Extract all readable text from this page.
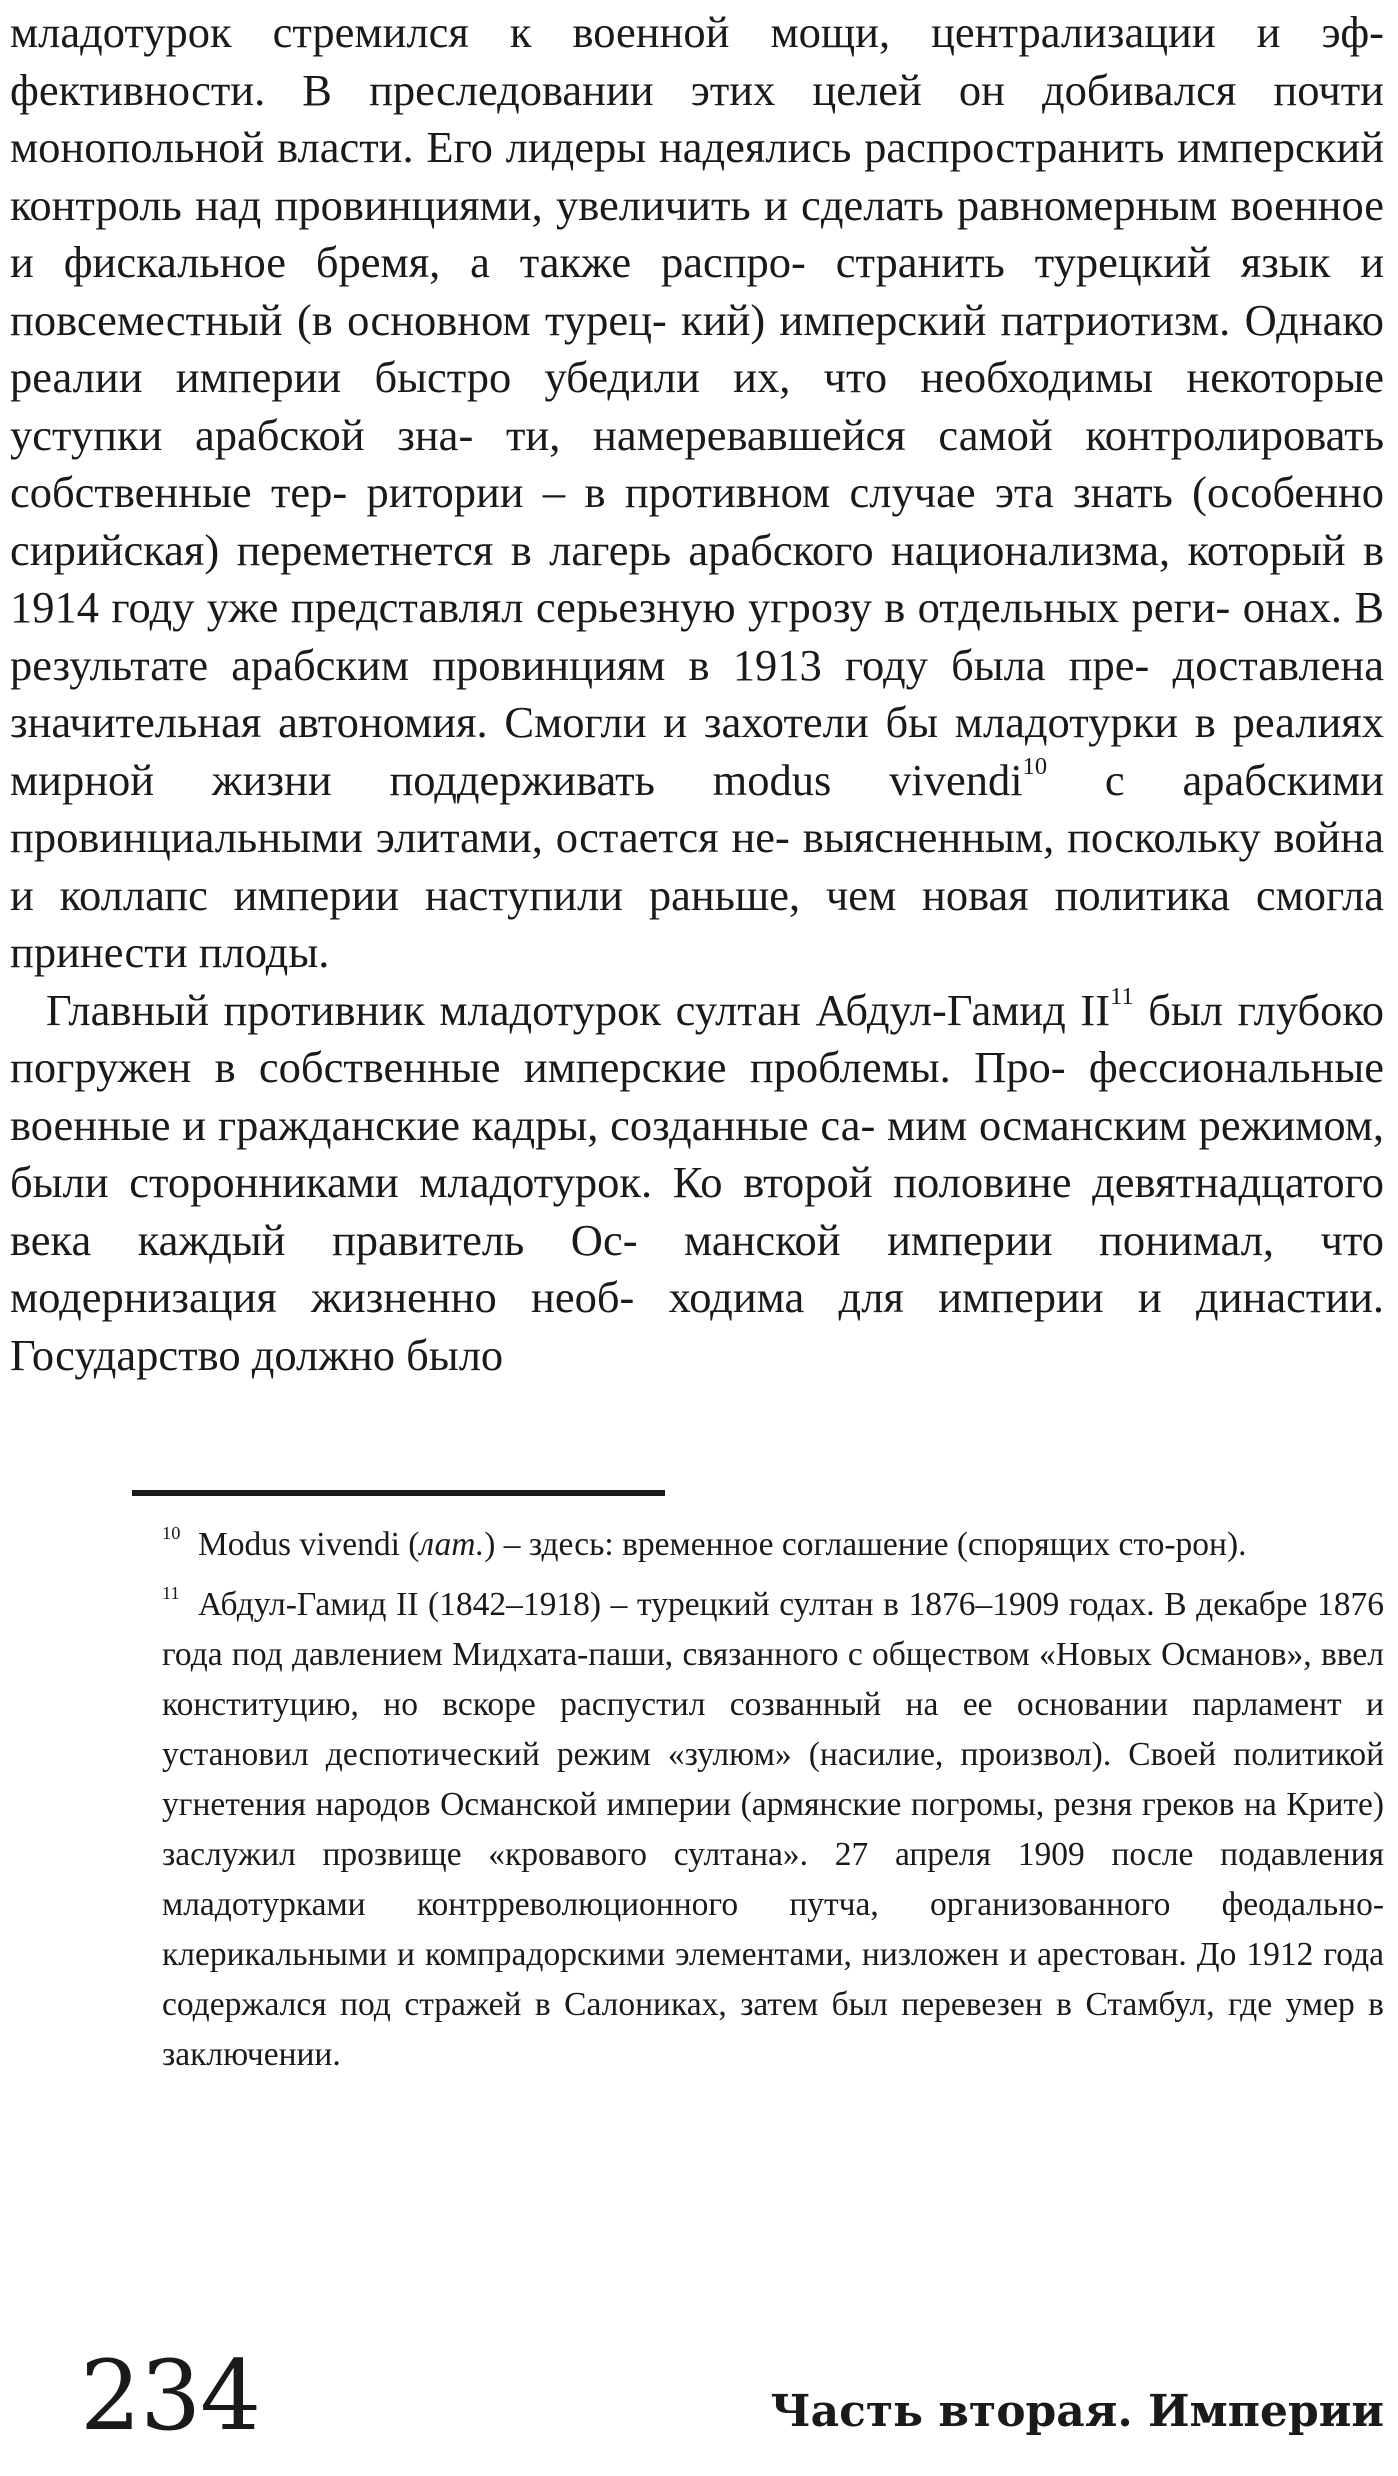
младотурок стремился к военной мощи, централизации и эф- фективности. В преследовании этих целей он добивался почти монопольной власти. Его лидеры надеялись распространить имперский контроль над провинциями, увеличить и сделать равномерным военное и фискальное бремя, а также распро- странить турецкий язык и повсеместный (в основном турец- кий) имперский патриотизм. Однако реалии империи быстро убедили их, что необходимы некоторые уступки арабской зна- ти, намеревавшейся самой контролировать собственные тер- ритории – в противном случае эта знать (особенно сирийская) переметнется в лагерь арабского национализма, который в 1914 году уже представлял серьезную угрозу в отдельных реги- онах. В результате арабским провинциям в 1913 году была пре- доставлена значительная автономия. Смогли и захотели бы младотурки в реалиях мирной жизни поддерживать modus vivendi$^{10}$ с арабскими провинциальными элитами, остается не- выясненным, поскольку война и коллапс империи наступили раньше, чем новая политика смогла принести плоды.

Главный противник младотурок султан Абдул-Гамид II$^{11}$ был глубоко погружен в собственные имперские проблемы. Про- фессиональные военные и гражданские кадры, созданные са- мим османским режимом, были сторонниками младотурок. Ко второй половине девятнадцатого века каждый правитель Ос- манской империи понимал, что модернизация жизненно необ- ходима для империи и династии. Государство должно было

$^{10}$ Modus vivendi (лат.) – здесь: временное соглашение (спорящих сто-рон).

$^{11}$ Абдул-Гамид II (1842–1918) – турецкий султан в 1876–1909 годах. В декабре 1876 года под давлением Мидхата-паши, связанного с обществом «Новых Османов», ввел конституцию, но вскоре распустил созванный на ее основании парламент и установил деспотический режим «зулюм» (насилие, произвол). Своей политикой угнетения народов Османской империи (армянские погромы, резня греков на Крите) заслужил прозвище «кровавого султана». 27 апреля 1909 после подавления младотурками контрреволюционного путча, организованного феодально-клерикальными и компрадорскими элементами, низложен и арестован. До 1912 года содержался под стражей в Салониках, затем был перевезен в Стамбул, где умер в заключении.

234	Часть вторая. Империи
